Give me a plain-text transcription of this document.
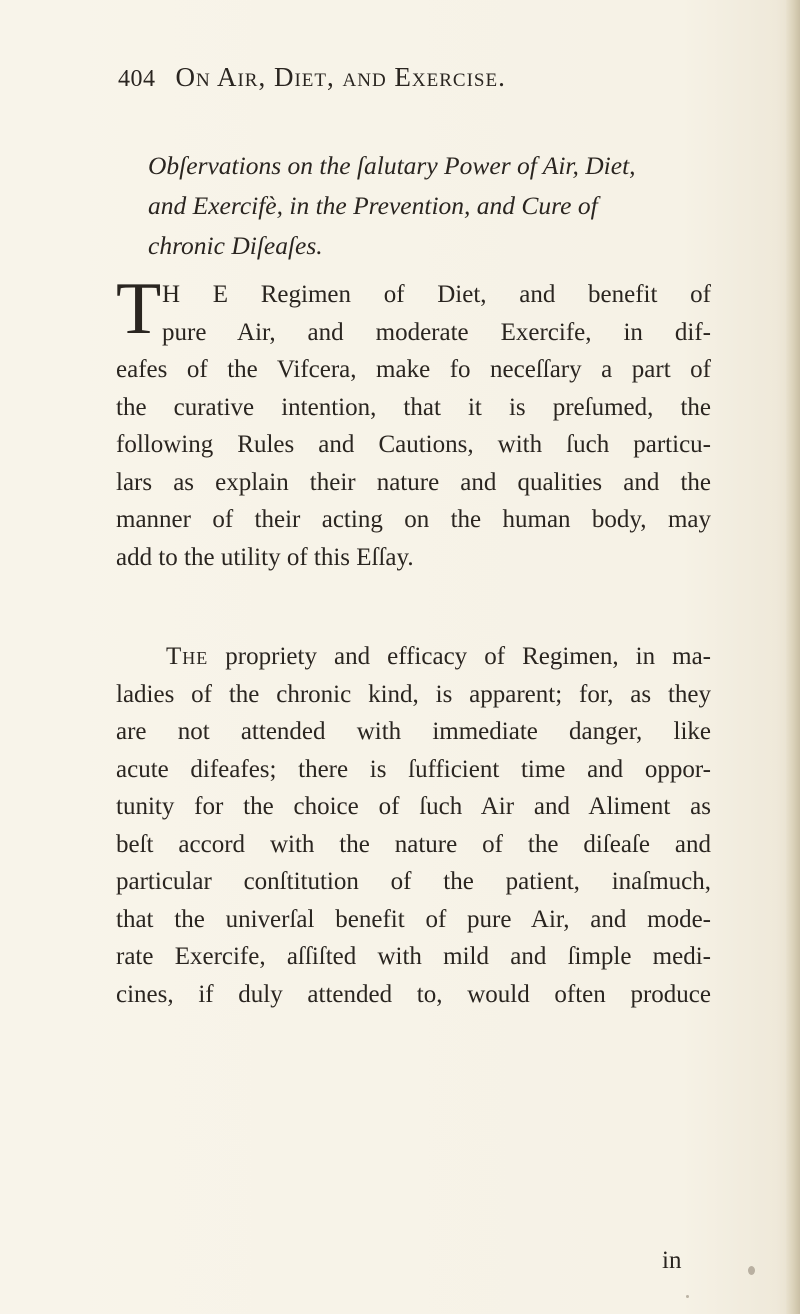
404 On Air, Diet, and Exercise.
Obſervations on the ſalutary Power of Air, Diet,
and Exercifè, in the Prevention, and Cure of
chronic Diſeaſes.
T H E Regimen of Diet, and benefit of
pure Air, and moderate Exercife, in dif-
eafes of the Vifcera, make fo neceſſary a part of
the curative intention, that it is preſumed, the
following Rules and Cautions, with ſuch particu-
lars as explain their nature and qualities and the
manner of their acting on the human body, may
add to the utility of this Eſſay.
The propriety and efficacy of Regimen, in ma-
ladies of the chronic kind, is apparent; for, as they
are not attended with immediate danger, like
acute difeafes; there is ſufficient time and oppor-
tunity for the choice of ſuch Air and Aliment as
beſt accord with the nature of the diſeaſe and
particular conſtitution of the patient, inaſmuch,
that the univerſal benefit of pure Air, and mode-
rate Exercife, aſſiſted with mild and ſimple medi-
cines, if duly attended to, would often produce
in
